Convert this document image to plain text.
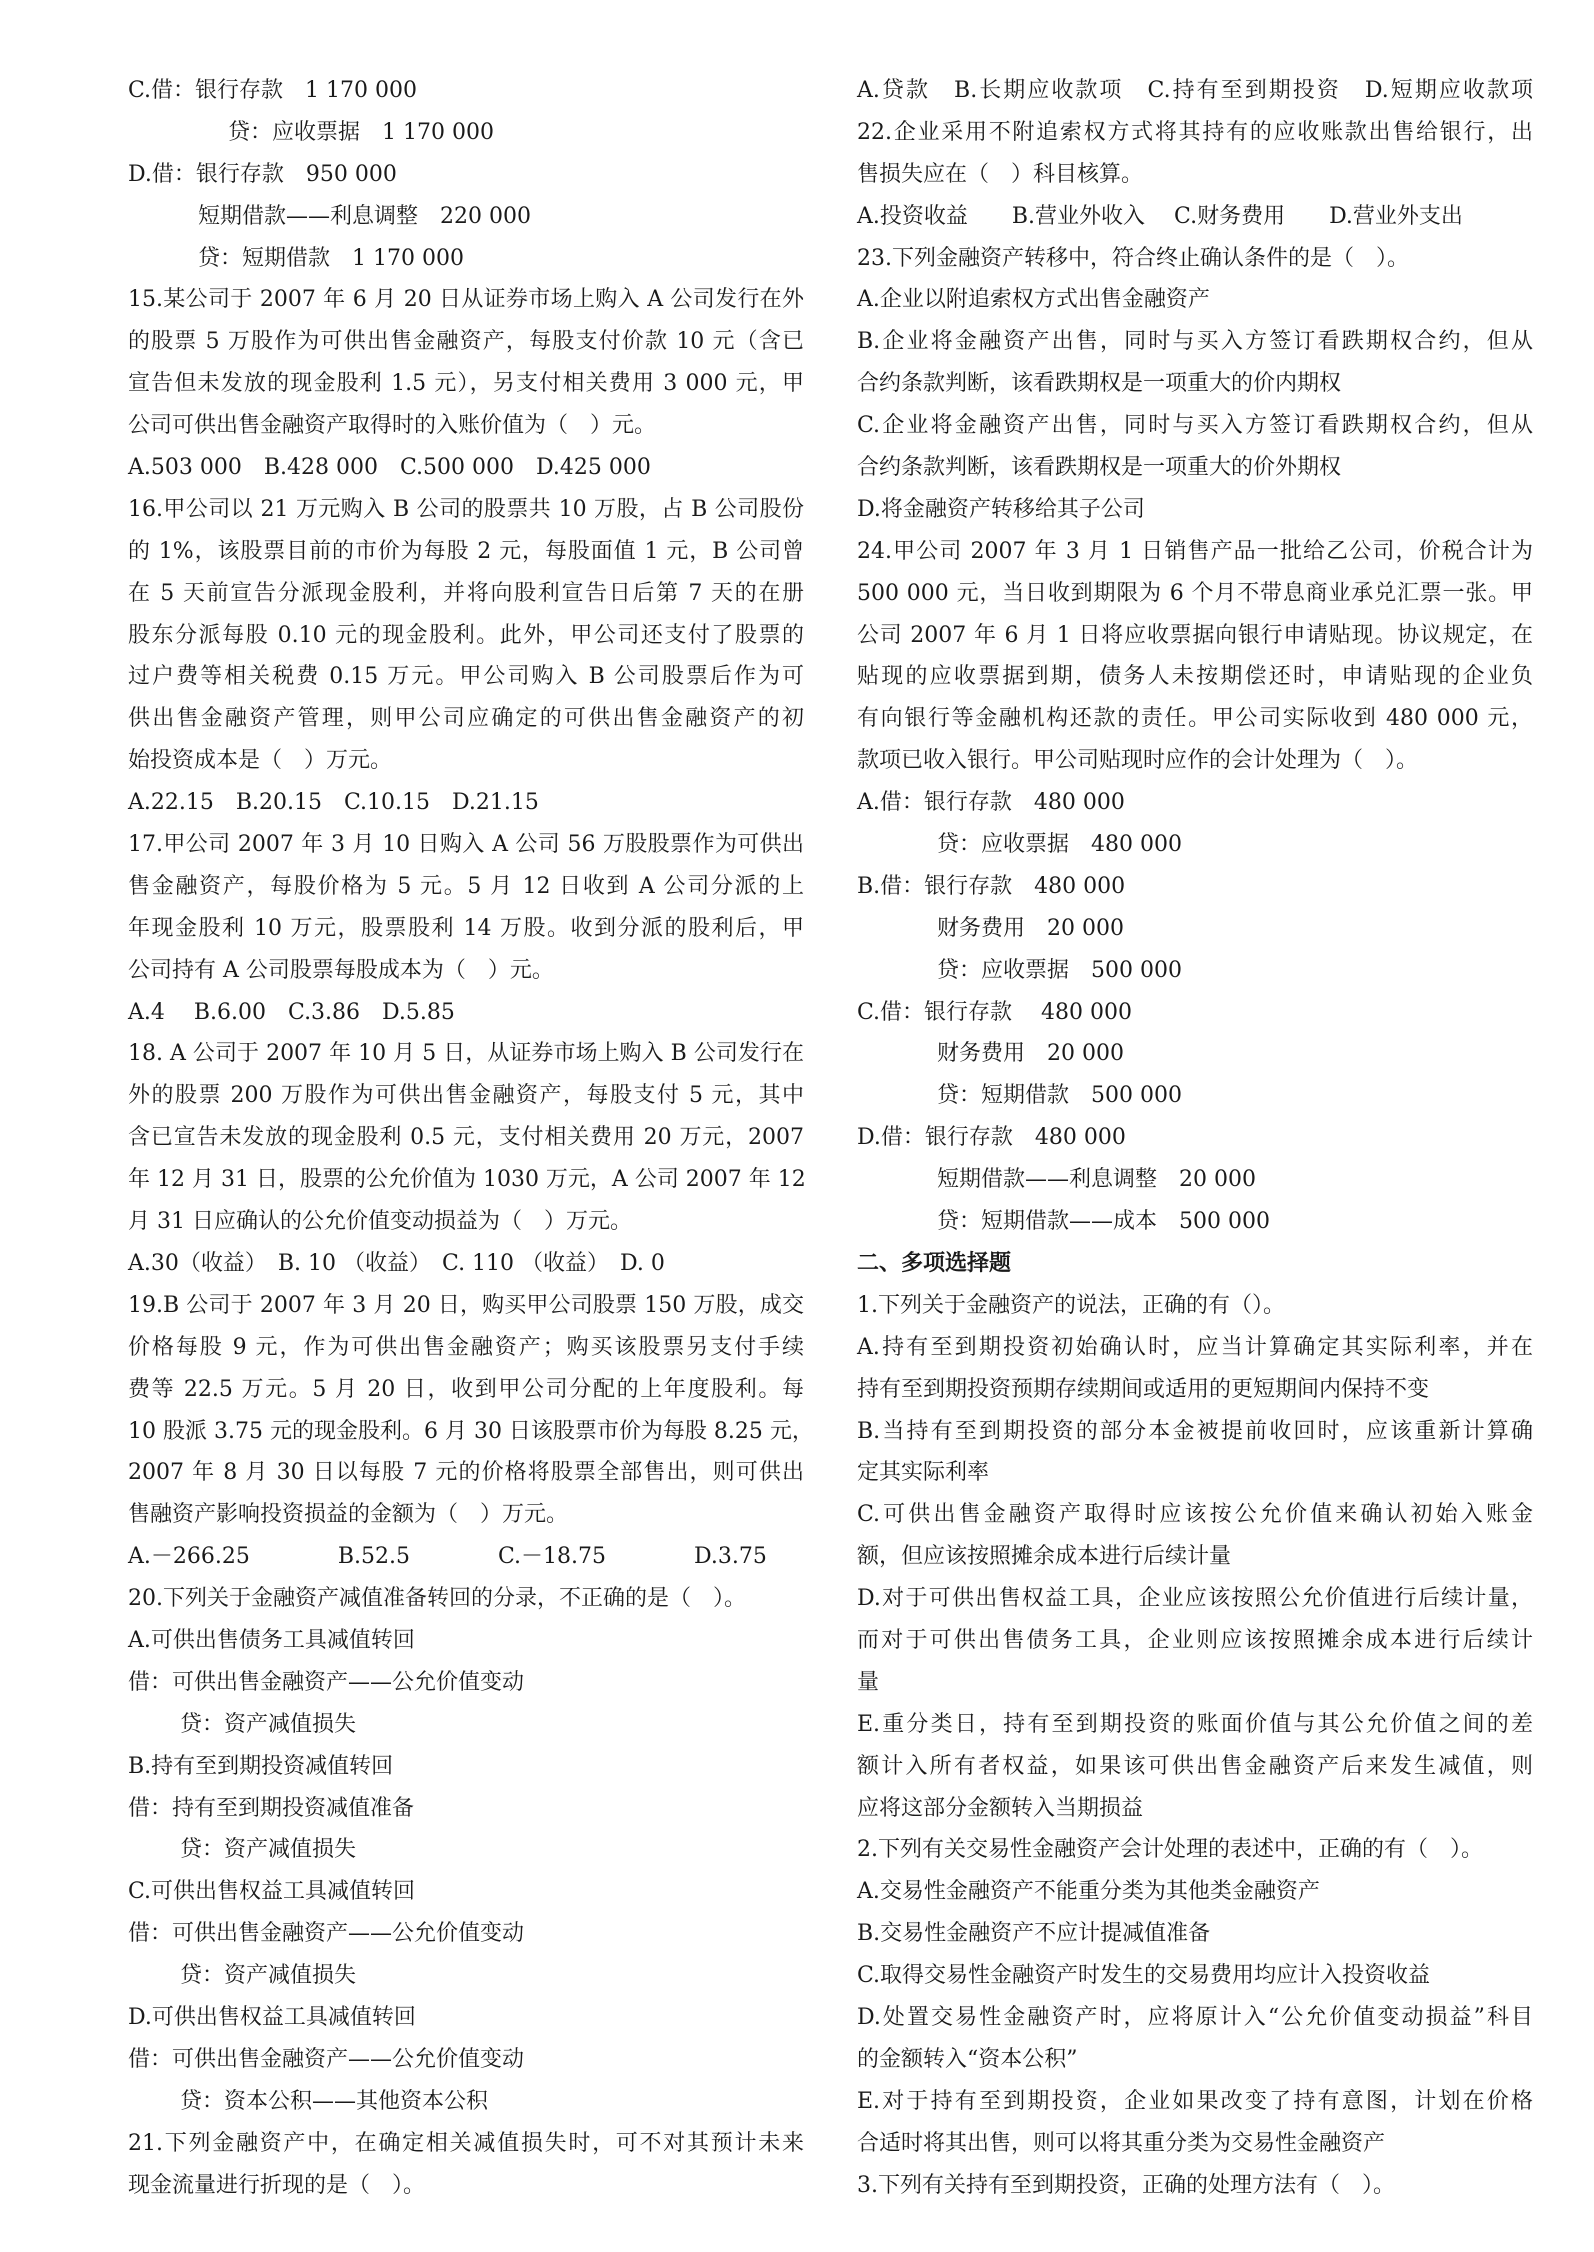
C.借：银行存款　1 170 000
贷：应收票据　1 170 000
D.借：银行存款　950 000
短期借款——利息调整　220 000
贷：短期借款　1 170 000
15.某公司于 2007 年 6 月 20 日从证券市场上购入 A 公司发行在外
的股票 5 万股作为可供出售金融资产，每股支付价款 10 元（含已
宣告但未发放的现金股利 1.5 元），另支付相关费用 3 000 元，甲
公司可供出售金融资产取得时的入账价值为（　）元。
A.503 000　B.428 000　C.500 000　D.425 000
16.甲公司以 21 万元购入 B 公司的股票共 10 万股，占 B 公司股份
的 1%，该股票目前的市价为每股 2 元，每股面值 1 元，B 公司曾
在 5 天前宣告分派现金股利，并将向股利宣告日后第 7 天的在册
股东分派每股 0.10 元的现金股利。此外，甲公司还支付了股票的
过户费等相关税费 0.15 万元。甲公司购入 B 公司股票后作为可
供出售金融资产管理，则甲公司应确定的可供出售金融资产的初
始投资成本是（　）万元。
A.22.15　B.20.15　C.10.15　D.21.15
17.甲公司 2007 年 3 月 10 日购入 A 公司 56 万股股票作为可供出
售金融资产，每股价格为 5 元。5 月 12 日收到 A 公司分派的上
年现金股利 10 万元，股票股利 14 万股。收到分派的股利后，甲
公司持有 A 公司股票每股成本为（　）元。
A.4　 B.6.00　C.3.86　D.5.85
18. A 公司于 2007 年 10 月 5 日，从证券市场上购入 B 公司发行在
外的股票 200 万股作为可供出售金融资产，每股支付 5 元，其中
含已宣告未发放的现金股利 0.5 元，支付相关费用 20 万元，2007
年 12 月 31 日，股票的公允价值为 1030 万元，A 公司 2007 年 12
月 31 日应确认的公允价值变动损益为（　）万元。
A.30（收益）　B. 10 （收益）　C. 110 （收益）　D. 0
19.B 公司于 2007 年 3 月 20 日，购买甲公司股票 150 万股，成交
价格每股 9 元，作为可供出售金融资产；购买该股票另支付手续
费等 22.5 万元。5 月 20 日，收到甲公司分配的上年度股利。每
10 股派 3.75 元的现金股利。6 月 30 日该股票市价为每股 8.25 元，
2007 年 8 月 30 日以每股 7 元的价格将股票全部售出，则可供出
售融资产影响投资损益的金额为（　）万元。
A.－266.25　　　　B.52.5　　　　C.－18.75　　　　D.3.75
20.下列关于金融资产减值准备转回的分录，不正确的是（　）。
A.可供出售债务工具减值转回
借：可供出售金融资产——公允价值变动
贷：资产减值损失
B.持有至到期投资减值转回
借：持有至到期投资减值准备
贷：资产减值损失
C.可供出售权益工具减值转回
借：可供出售金融资产——公允价值变动
贷：资产减值损失
D.可供出售权益工具减值转回
借：可供出售金融资产——公允价值变动
贷：资本公积——其他资本公积
21.下列金融资产中，在确定相关减值损失时，可不对其预计未来
现金流量进行折现的是（　）。
A.贷款　B.长期应收款项　C.持有至到期投资　D.短期应收款项
22.企业采用不附追索权方式将其持有的应收账款出售给银行，出
售损失应在（　）科目核算。
A.投资收益　　B.营业外收入　 C.财务费用　　D.营业外支出
23.下列金融资产转移中，符合终止确认条件的是（　）。
A.企业以附追索权方式出售金融资产
B.企业将金融资产出售，同时与买入方签订看跌期权合约，但从
合约条款判断，该看跌期权是一项重大的价内期权
C.企业将金融资产出售，同时与买入方签订看跌期权合约，但从
合约条款判断，该看跌期权是一项重大的价外期权
D.将金融资产转移给其子公司
24.甲公司 2007 年 3 月 1 日销售产品一批给乙公司，价税合计为
500 000 元，当日收到期限为 6 个月不带息商业承兑汇票一张。甲
公司 2007 年 6 月 1 日将应收票据向银行申请贴现。协议规定，在
贴现的应收票据到期，债务人未按期偿还时，申请贴现的企业负
有向银行等金融机构还款的责任。甲公司实际收到 480 000 元，
款项已收入银行。甲公司贴现时应作的会计处理为（　）。
A.借：银行存款　480 000
贷：应收票据　480 000
B.借：银行存款　480 000
财务费用　20 000
贷：应收票据　500 000
C.借：银行存款　 480 000
财务费用　20 000
贷：短期借款　500 000
D.借：银行存款　480 000
短期借款——利息调整　20 000
贷：短期借款——成本　500 000
二、多项选择题
1.下列关于金融资产的说法，正确的有（）。
A.持有至到期投资初始确认时，应当计算确定其实际利率，并在
持有至到期投资预期存续期间或适用的更短期间内保持不变
B.当持有至到期投资的部分本金被提前收回时，应该重新计算确
定其实际利率
C.可供出售金融资产取得时应该按公允价值来确认初始入账金
额，但应该按照摊余成本进行后续计量
D.对于可供出售权益工具，企业应该按照公允价值进行后续计量，
而对于可供出售债务工具，企业则应该按照摊余成本进行后续计
量
E.重分类日，持有至到期投资的账面价值与其公允价值之间的差
额计入所有者权益，如果该可供出售金融资产后来发生减值，则
应将这部分金额转入当期损益
2.下列有关交易性金融资产会计处理的表述中，正确的有（　）。
A.交易性金融资产不能重分类为其他类金融资产
B.交易性金融资产不应计提减值准备
C.取得交易性金融资产时发生的交易费用均应计入投资收益
D.处置交易性金融资产时，应将原计入“公允价值变动损益”科目
的金额转入“资本公积”
E.对于持有至到期投资，企业如果改变了持有意图，计划在价格
合适时将其出售，则可以将其重分类为交易性金融资产
3.下列有关持有至到期投资，正确的处理方法有（　）。
